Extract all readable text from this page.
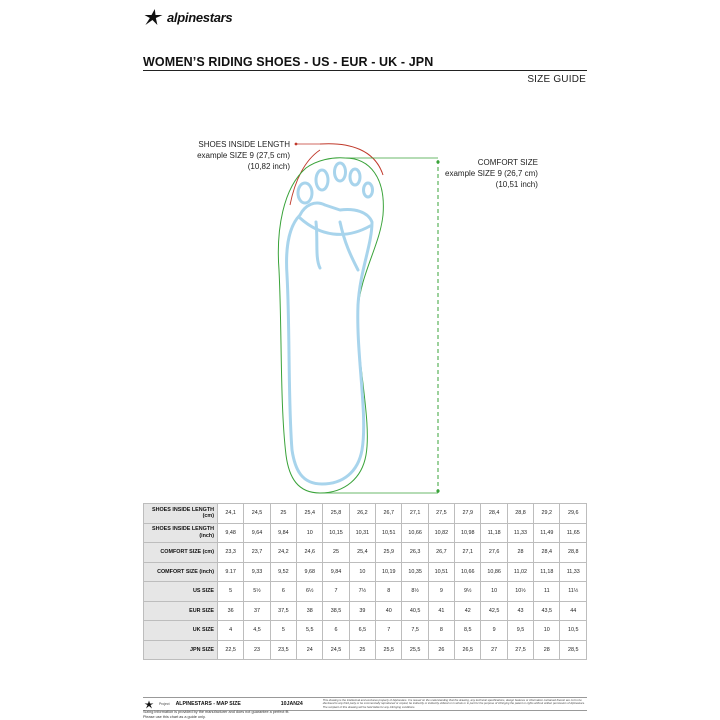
alpinestars
WOMEN’S RIDING SHOES - US - EUR - UK - JPN
SIZE GUIDE
SHOES INSIDE LENGTH
example SIZE 9 (27,5 cm)
(10,82 inch)	COMFORT SIZE
example SIZE 9 (26,7 cm)
(10,51 inch)
SHOES INSIDE LENGTH (cm)	24,1	24,5	25	25,4	25,8	26,2	26,7	27,1	27,5	27,9	28,4	28,8	29,2	29,6
SHOES INSIDE LENGTH (inch)	9,48	9,64	9,84	10	10,15	10,31	10,51	10,66	10,82	10,98	11,18	11,33	11,49	11,65
COMFORT SIZE (cm)	23,3	23,7	24,2	24,6	25	25,4	25,9	26,3	26,7	27,1	27,6	28	28,4	28,8
COMFORT SIZE (inch)	9.17	9,33	9,52	9,68	9,84	10	10,19	10,35	10,51	10,66	10,86	11,02	11,18	11,33
US SIZE	5	5½	6	6½	7	7½	8	8½	9	9½	10	10½	11	11½
EUR SIZE	36	37	37,5	38	38,5	39	40	40,5	41	42	42,5	43	43,5	44
UK SIZE	4	4,5	5	5,5	6	6,5	7	7,5	8	8,5	9	9,5	10	10,5
JPN SIZE	22,5	23	23,5	24	24,5	25	25,5	25,5	26	26,5	27	27,5	28	28,5
Project ALPINESTARS - MAP SIZE	10JAN24
This drawing is the intellectual and exclusive property of Alpinestars. It is issued on the understanding that the drawing, any technical specifications, design features or information contained therein are not to be disclosed to any third party or be commercially reproduced or copied, be indirectly or indirectly utilized or in whole or in part for the purpose of infringing the patent or rights without written permission of Alpinestars. The recipient of this drawing will be held liable for any infringing conditions.
Sizing information is provided by the manufacturer and does not guarantee a perfect fit.
Please use this chart as a guide only.
